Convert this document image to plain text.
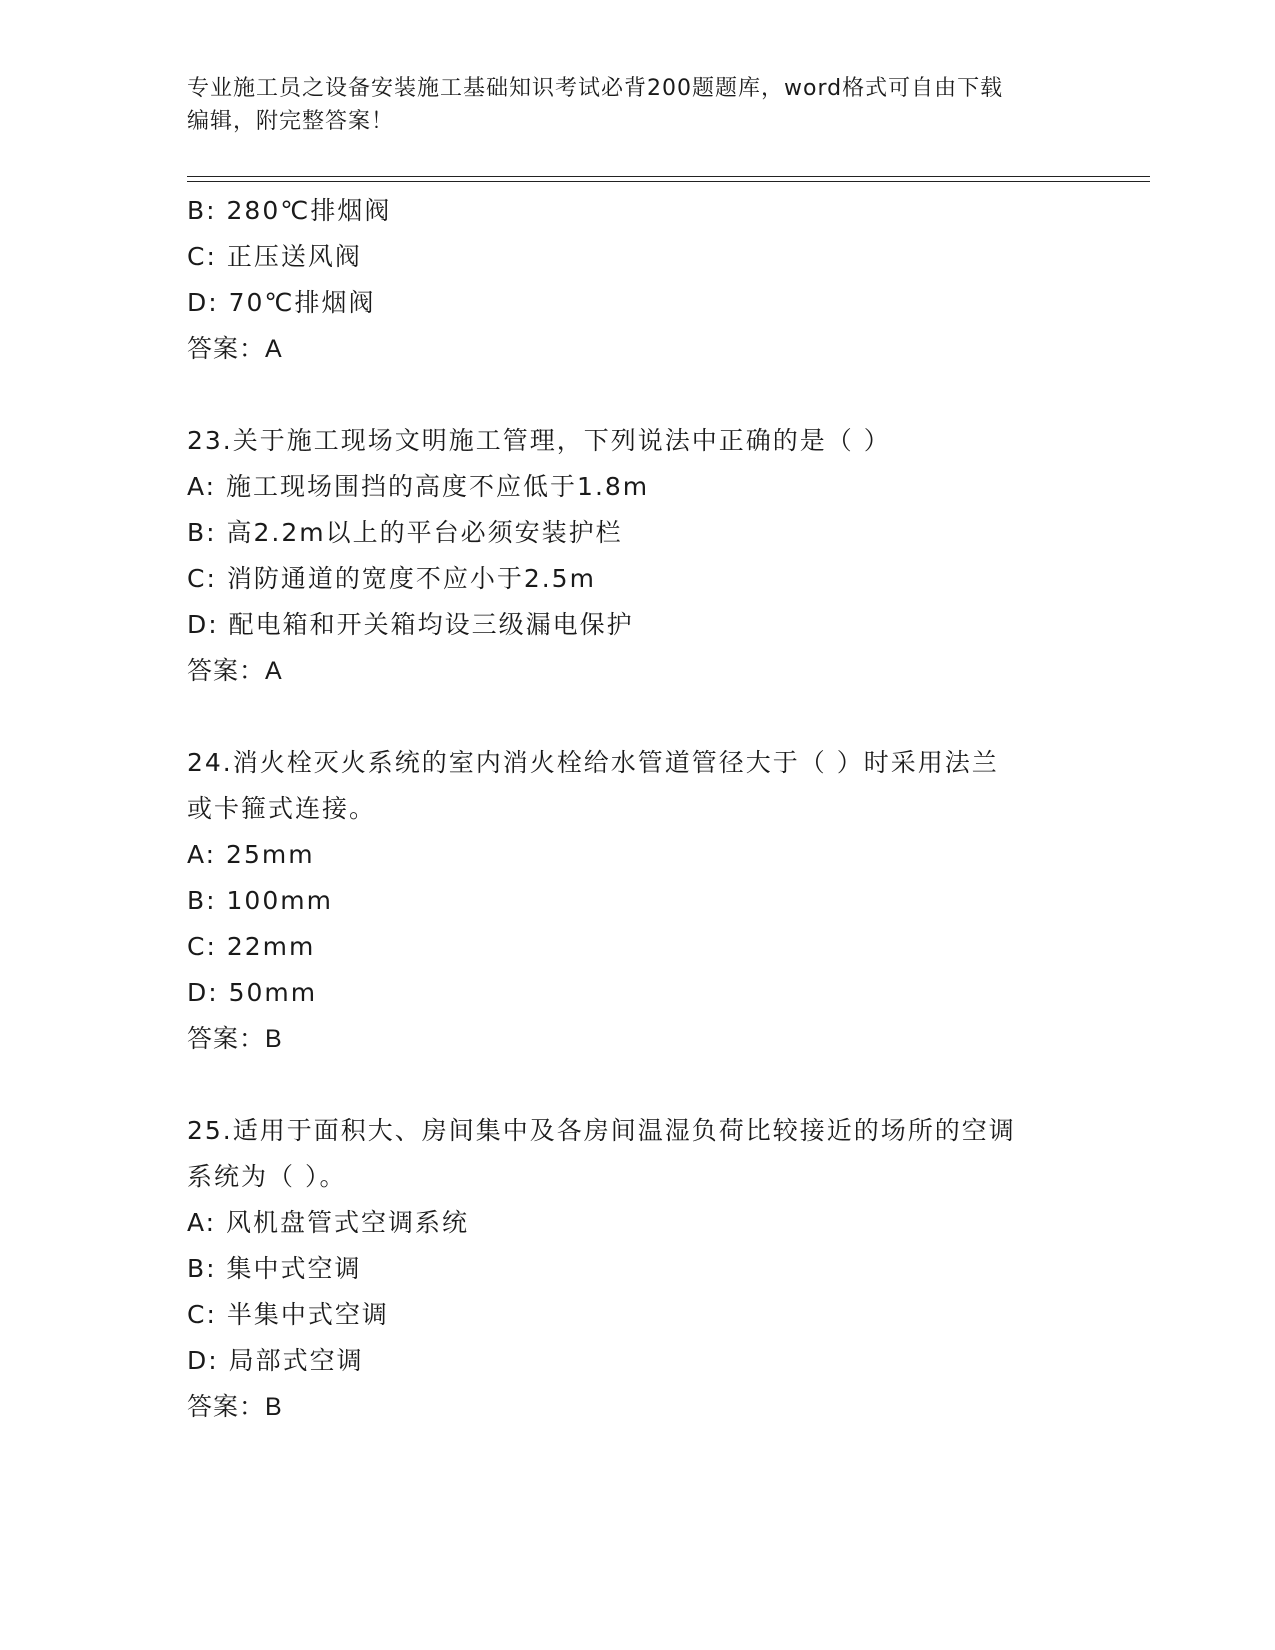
专业施工员之设备安装施工基础知识考试必背200题题库，word格式可自由下载
编辑，附完整答案！
B: 280℃排烟阀
C: 正压送风阀
D: 70℃排烟阀
答案：A
23.关于施工现场文明施工管理，下列说法中正确的是（ ）
A: 施工现场围挡的高度不应低于1.8m
B: 高2.2m以上的平台必须安装护栏
C: 消防通道的宽度不应小于2.5m
D: 配电箱和开关箱均设三级漏电保护
答案：A
24.消火栓灭火系统的室内消火栓给水管道管径大于（ ）时采用法兰
或卡箍式连接。
A: 25mm
B: 100mm
C: 22mm
D: 50mm
答案：B
25.适用于面积大、房间集中及各房间温湿负荷比较接近的场所的空调
系统为（ ）。
A: 风机盘管式空调系统
B: 集中式空调
C: 半集中式空调
D: 局部式空调
答案：B
